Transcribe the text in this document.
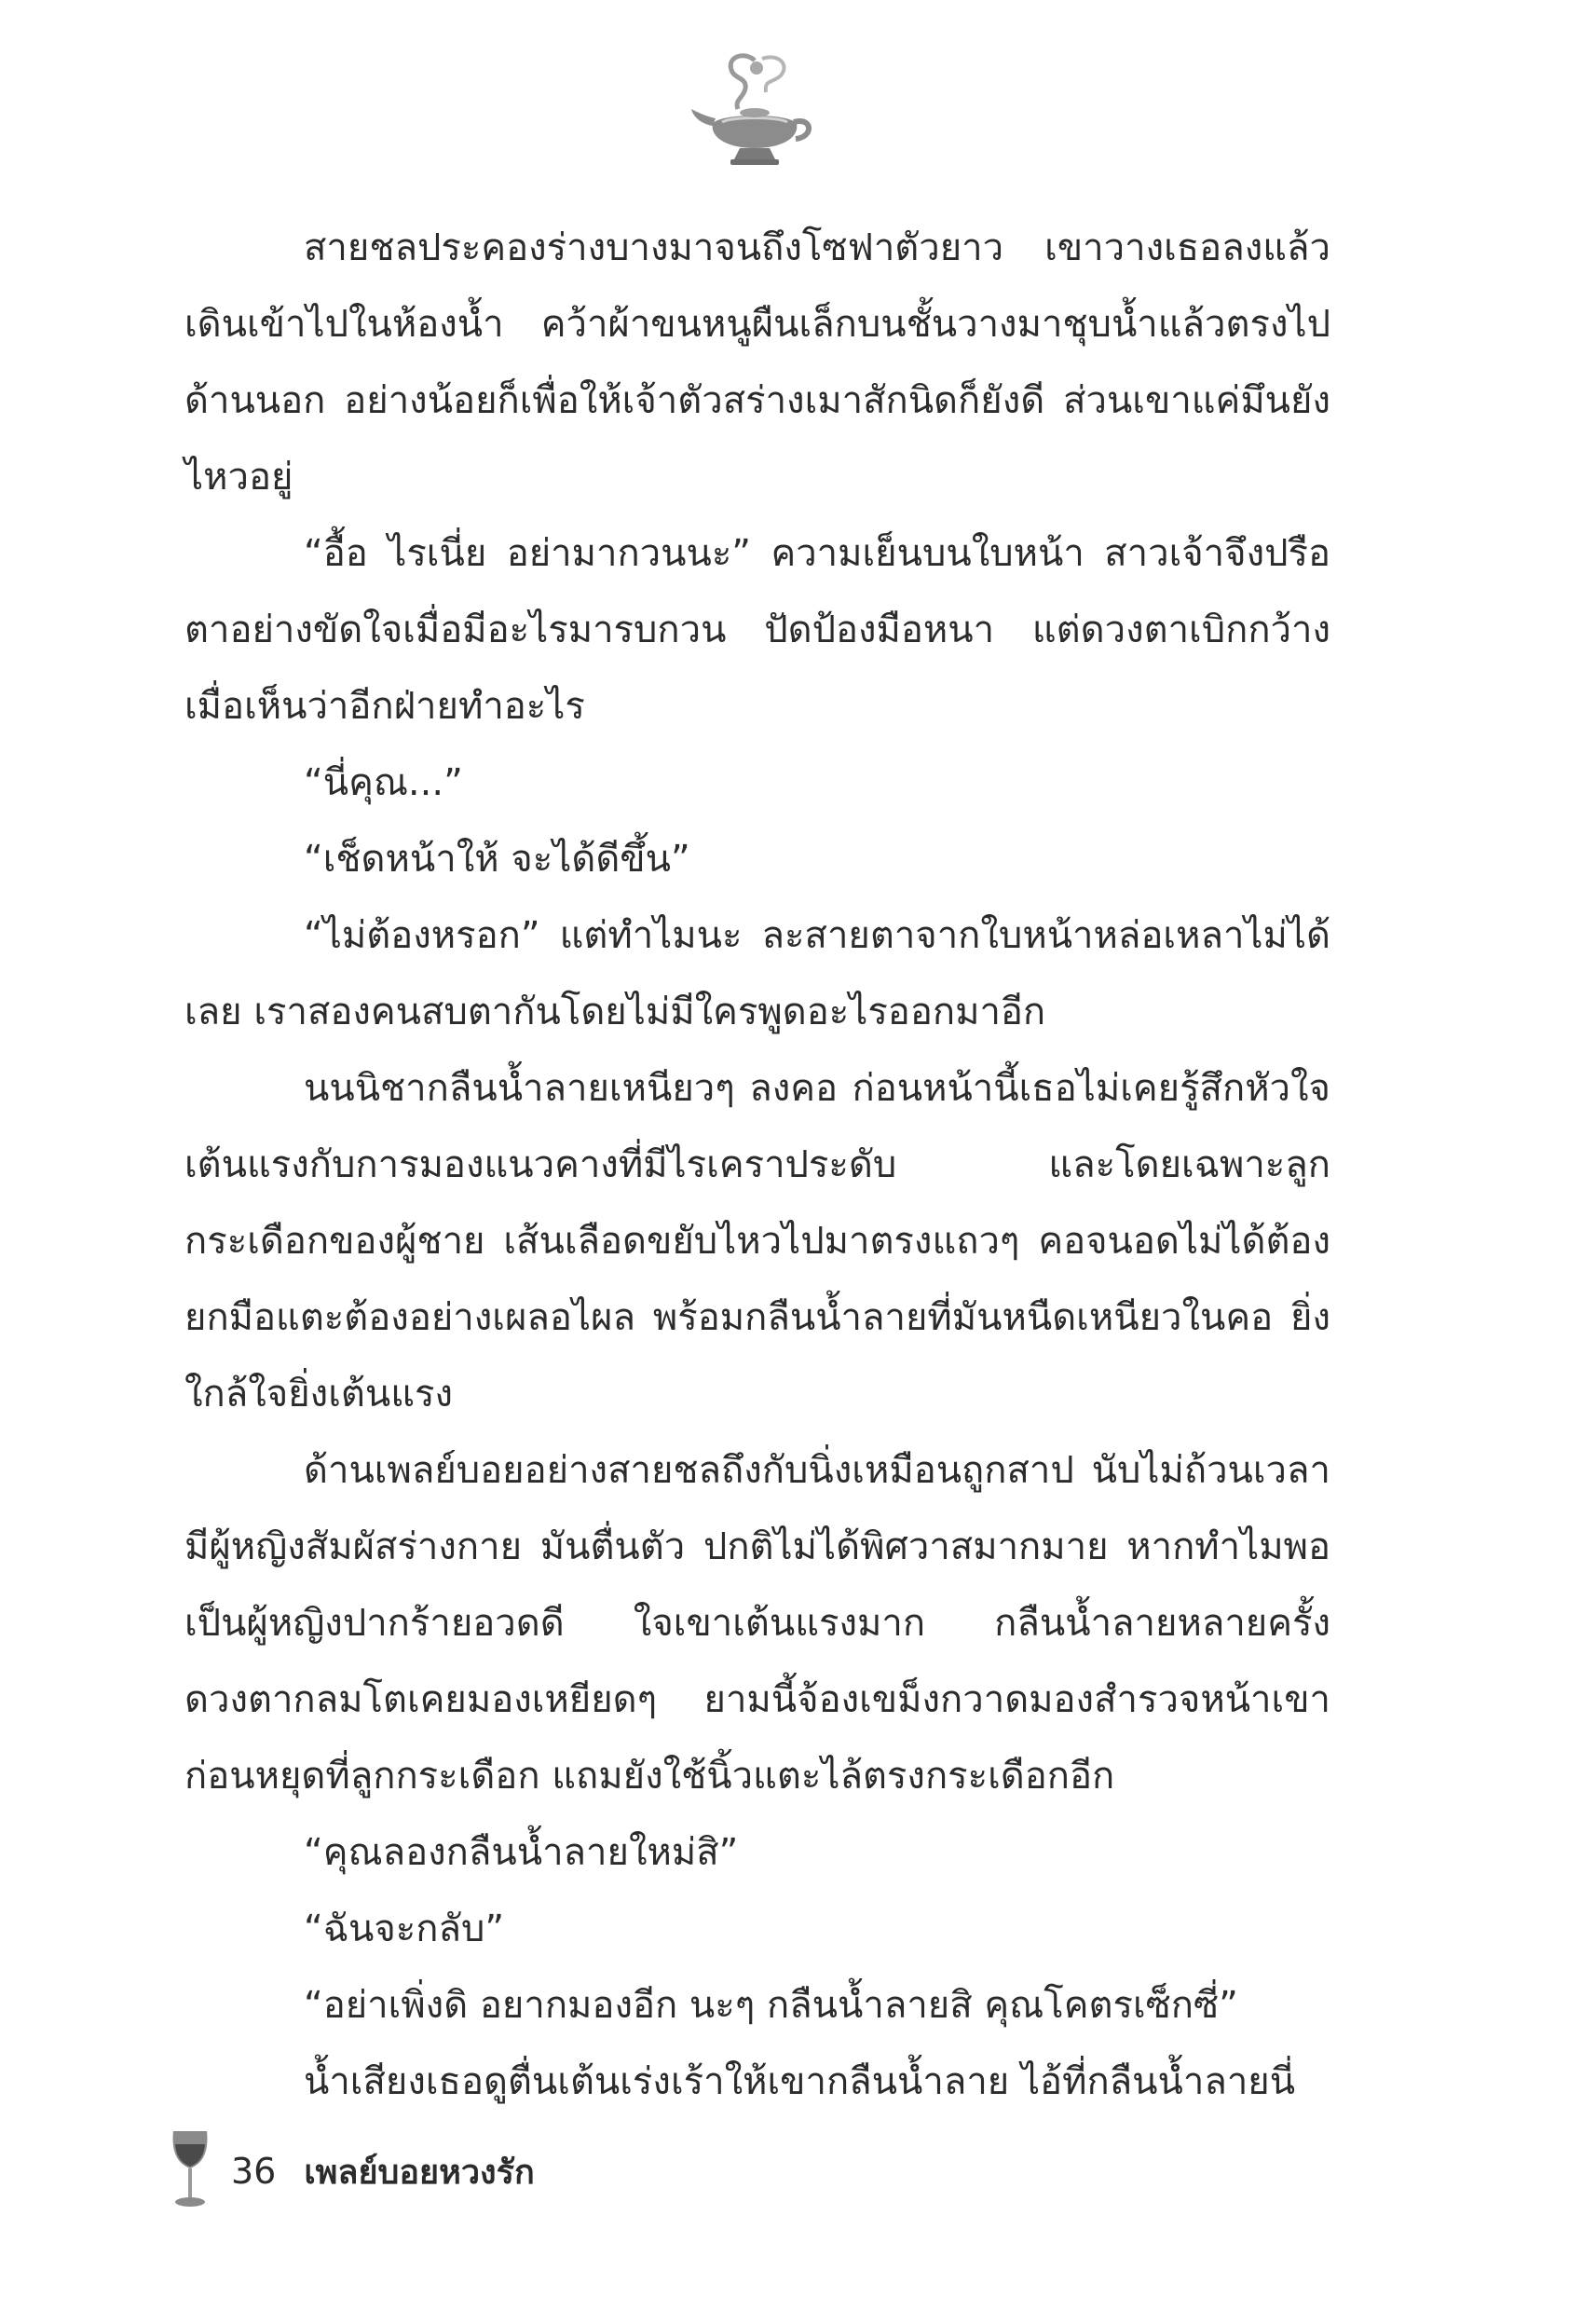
สายชลประคองร่างบางมาจนถึงโซฟาตัวยาว เขาวางเธอลงแล้วเดินเข้าไปในห้องน้ำ คว้าผ้าขนหนูผืนเล็กบนชั้นวางมาชุบน้ำแล้วตรงไปด้านนอก อย่างน้อยก็เพื่อให้เจ้าตัวสร่างเมาสักนิดก็ยังดี ส่วนเขาแค่มึนยังไหวอยู่

“อื้อ ไรเนี่ย อย่ามากวนนะ” ความเย็นบนใบหน้า สาวเจ้าจึงปรือตาอย่างขัดใจเมื่อมีอะไรมารบกวน ปัดป้องมือหนา แต่ดวงตาเบิกกว้างเมื่อเห็นว่าอีกฝ่ายทำอะไร

“นี่คุณ...”

“เช็ดหน้าให้ จะได้ดีขึ้น”

“ไม่ต้องหรอก” แต่ทำไมนะ ละสายตาจากใบหน้าหล่อเหลาไม่ได้เลย เราสองคนสบตากันโดยไม่มีใครพูดอะไรออกมาอีก

นนนิชากลืนน้ำลายเหนียวๆ ลงคอ ก่อนหน้านี้เธอไม่เคยรู้สึกหัวใจเต้นแรงกับการมองแนวคางที่มีไรเคราประดับ และโดยเฉพาะลูกกระเดือกของผู้ชาย เส้นเลือดขยับไหวไปมาตรงแถวๆ คอจนอดไม่ได้ต้องยกมือแตะต้องอย่างเผลอไผล พร้อมกลืนน้ำลายที่มันหนืดเหนียวในคอ ยิ่งใกล้ใจยิ่งเต้นแรง

ด้านเพลย์บอยอย่างสายชลถึงกับนิ่งเหมือนถูกสาป นับไม่ถ้วนเวลามีผู้หญิงสัมผัสร่างกาย มันตื่นตัว ปกติไม่ได้พิศวาสมากมาย หากทำไมพอเป็นผู้หญิงปากร้ายอวดดี ใจเขาเต้นแรงมาก กลืนน้ำลายหลายครั้ง ดวงตากลมโตเคยมองเหยียดๆ ยามนี้จ้องเขม็งกวาดมองสำรวจหน้าเขาก่อนหยุดที่ลูกกระเดือก แถมยังใช้นิ้วแตะไล้ตรงกระเดือกอีก

“คุณลองกลืนน้ำลายใหม่สิ”

“ฉันจะกลับ”

“อย่าเพิ่งดิ อยากมองอีก นะๆ กลืนน้ำลายสิ คุณโคตรเซ็กซี่”

น้ำเสียงเธอดูตื่นเต้นเร่งเร้าให้เขากลืนน้ำลาย ไอ้ที่กลืนน้ำลายนี่

36 เพลย์บอยหวงรัก
